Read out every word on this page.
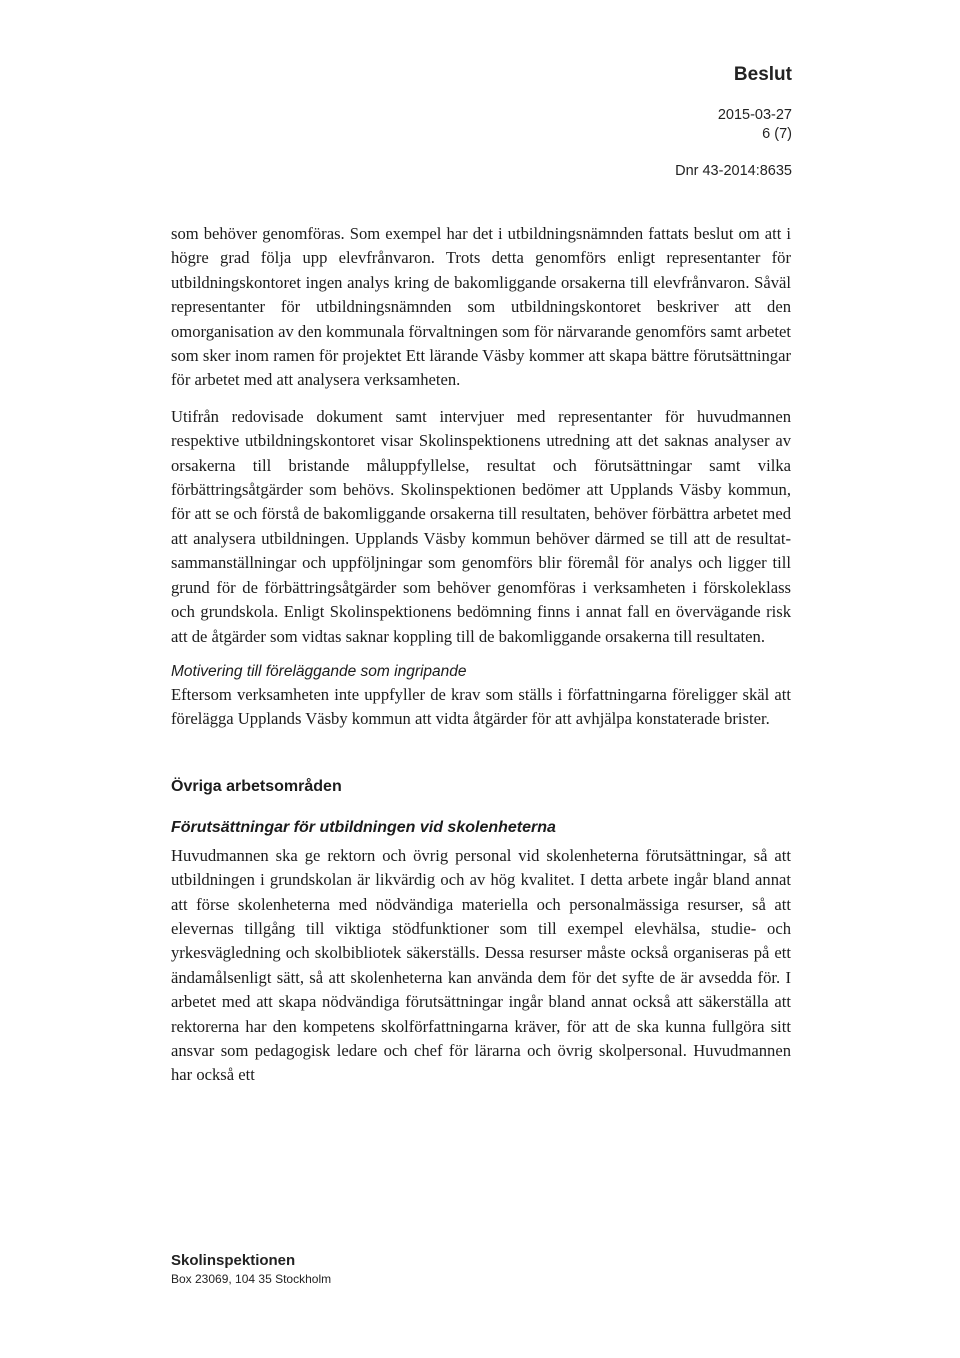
Beslut
2015-03-27
6 (7)
Dnr 43-2014:8635

som behöver genomföras. Som exempel har det i utbildningsnämnden fattats beslut om att i högre grad följa upp elevfrånvaron. Trots detta genomförs enligt representanter för utbildningskontoret ingen analys kring de bakomliggande orsakerna till elevfrånvaron. Såväl representanter för utbildningsnämnden som utbildningskontoret beskriver att den omorganisation av den kommunala förvaltningen som för närvarande genomförs samt arbetet som sker inom ramen för projektet Ett lärande Väsby kommer att skapa bättre förutsättningar för arbetet med att analysera verksamheten.

Utifrån redovisade dokument samt intervjuer med representanter för huvudmannen respektive utbildningskontoret visar Skolinspektionens utredning att det saknas analyser av orsakerna till bristande måluppfyllelse, resultat och förutsättningar samt vilka förbättringsåtgärder som behövs. Skolinspektionen bedömer att Upplands Väsby kommun, för att se och förstå de bakomliggande orsakerna till resultaten, behöver förbättra arbetet med att analysera utbildningen. Upplands Väsby kommun behöver därmed se till att de resultatsammanställningar och uppföljningar som genomförs blir föremål för analys och ligger till grund för de förbättringsåtgärder som behöver genomföras i verksamheten i förskoleklass och grundskola. Enligt Skolinspektionens bedömning finns i annat fall en övervägande risk att de åtgärder som vidtas saknar koppling till de bakomliggande orsakerna till resultaten.

Motivering till föreläggande som ingripande

Eftersom verksamheten inte uppfyller de krav som ställs i författningarna föreligger skäl att förelägga Upplands Väsby kommun att vidta åtgärder för att avhjälpa konstaterade brister.

Övriga arbetsområden
Förutsättningar för utbildningen vid skolenheterna

Huvudmannen ska ge rektorn och övrig personal vid skolenheterna förutsättningar, så att utbildningen i grundskolan är likvärdig och av hög kvalitet. I detta arbete ingår bland annat att förse skolenheterna med nödvändiga materiella och personalmässiga resurser, så att elevernas tillgång till viktiga stödfunktioner som till exempel elevhälsa, studie- och yrkesvägledning och skolbibliotek säkerställs. Dessa resurser måste också organiseras på ett ändamålsenligt sätt, så att skolenheterna kan använda dem för det syfte de är avsedda för. I arbetet med att skapa nödvändiga förutsättningar ingår bland annat också att säkerställa att rektorerna har den kompetens skolförfattningarna kräver, för att de ska kunna fullgöra sitt ansvar som pedagogisk ledare och chef för lärarna och övrig skolpersonal. Huvudmannen har också ett

Skolinspektionen
Box 23069, 104 35 Stockholm
